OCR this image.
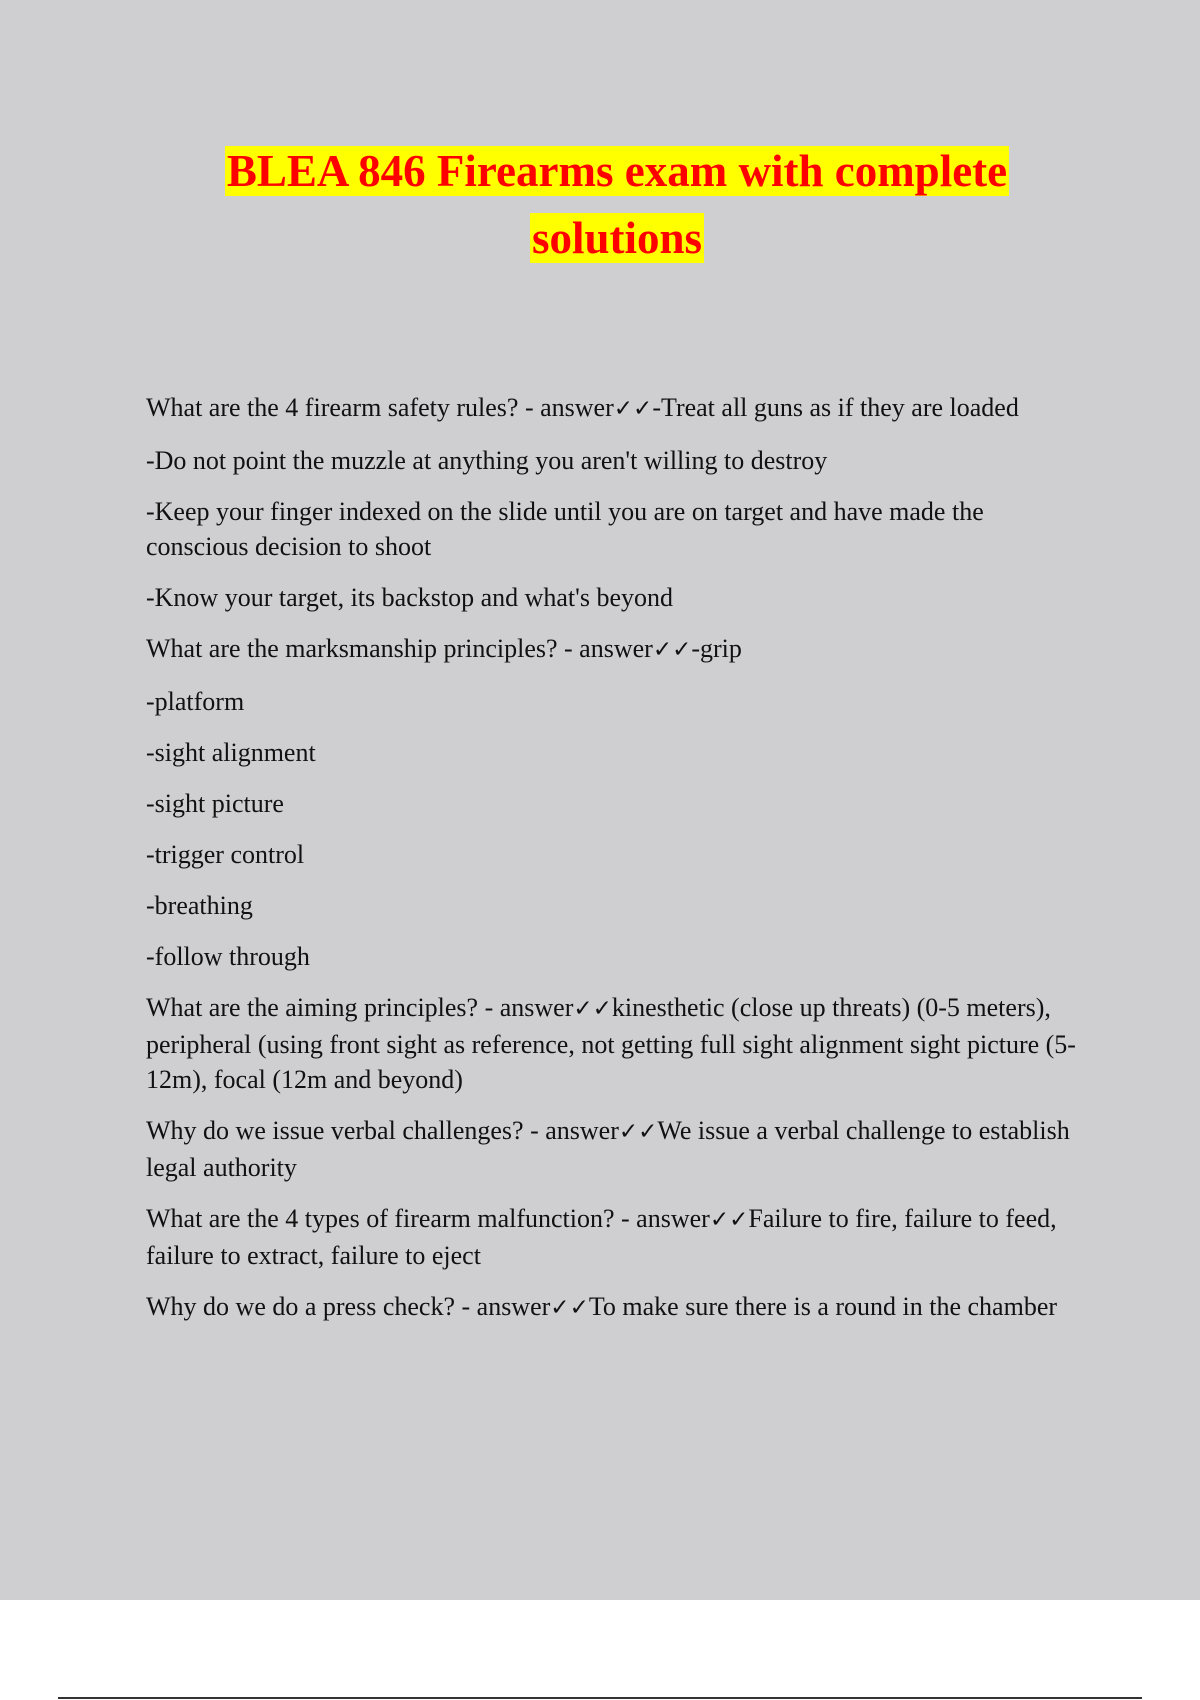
BLEA 846 Firearms exam with complete solutions

What are the 4 firearm safety rules? - answer✓✓-Treat all guns as if they are loaded

-Do not point the muzzle at anything you aren't willing to destroy

-Keep your finger indexed on the slide until you are on target and have made the conscious decision to shoot

-Know your target, its backstop and what's beyond

What are the marksmanship principles? - answer✓✓-grip

-platform

-sight alignment

-sight picture

-trigger control

-breathing

-follow through

What are the aiming principles? - answer✓✓kinesthetic (close up threats) (0-5 meters), peripheral (using front sight as reference, not getting full sight alignment sight picture (5-12m), focal (12m and beyond)

Why do we issue verbal challenges? - answer✓✓We issue a verbal challenge to establish legal authority

What are the 4 types of firearm malfunction? - answer✓✓Failure to fire, failure to feed, failure to extract, failure to eject

Why do we do a press check? - answer✓✓To make sure there is a round in the chamber
